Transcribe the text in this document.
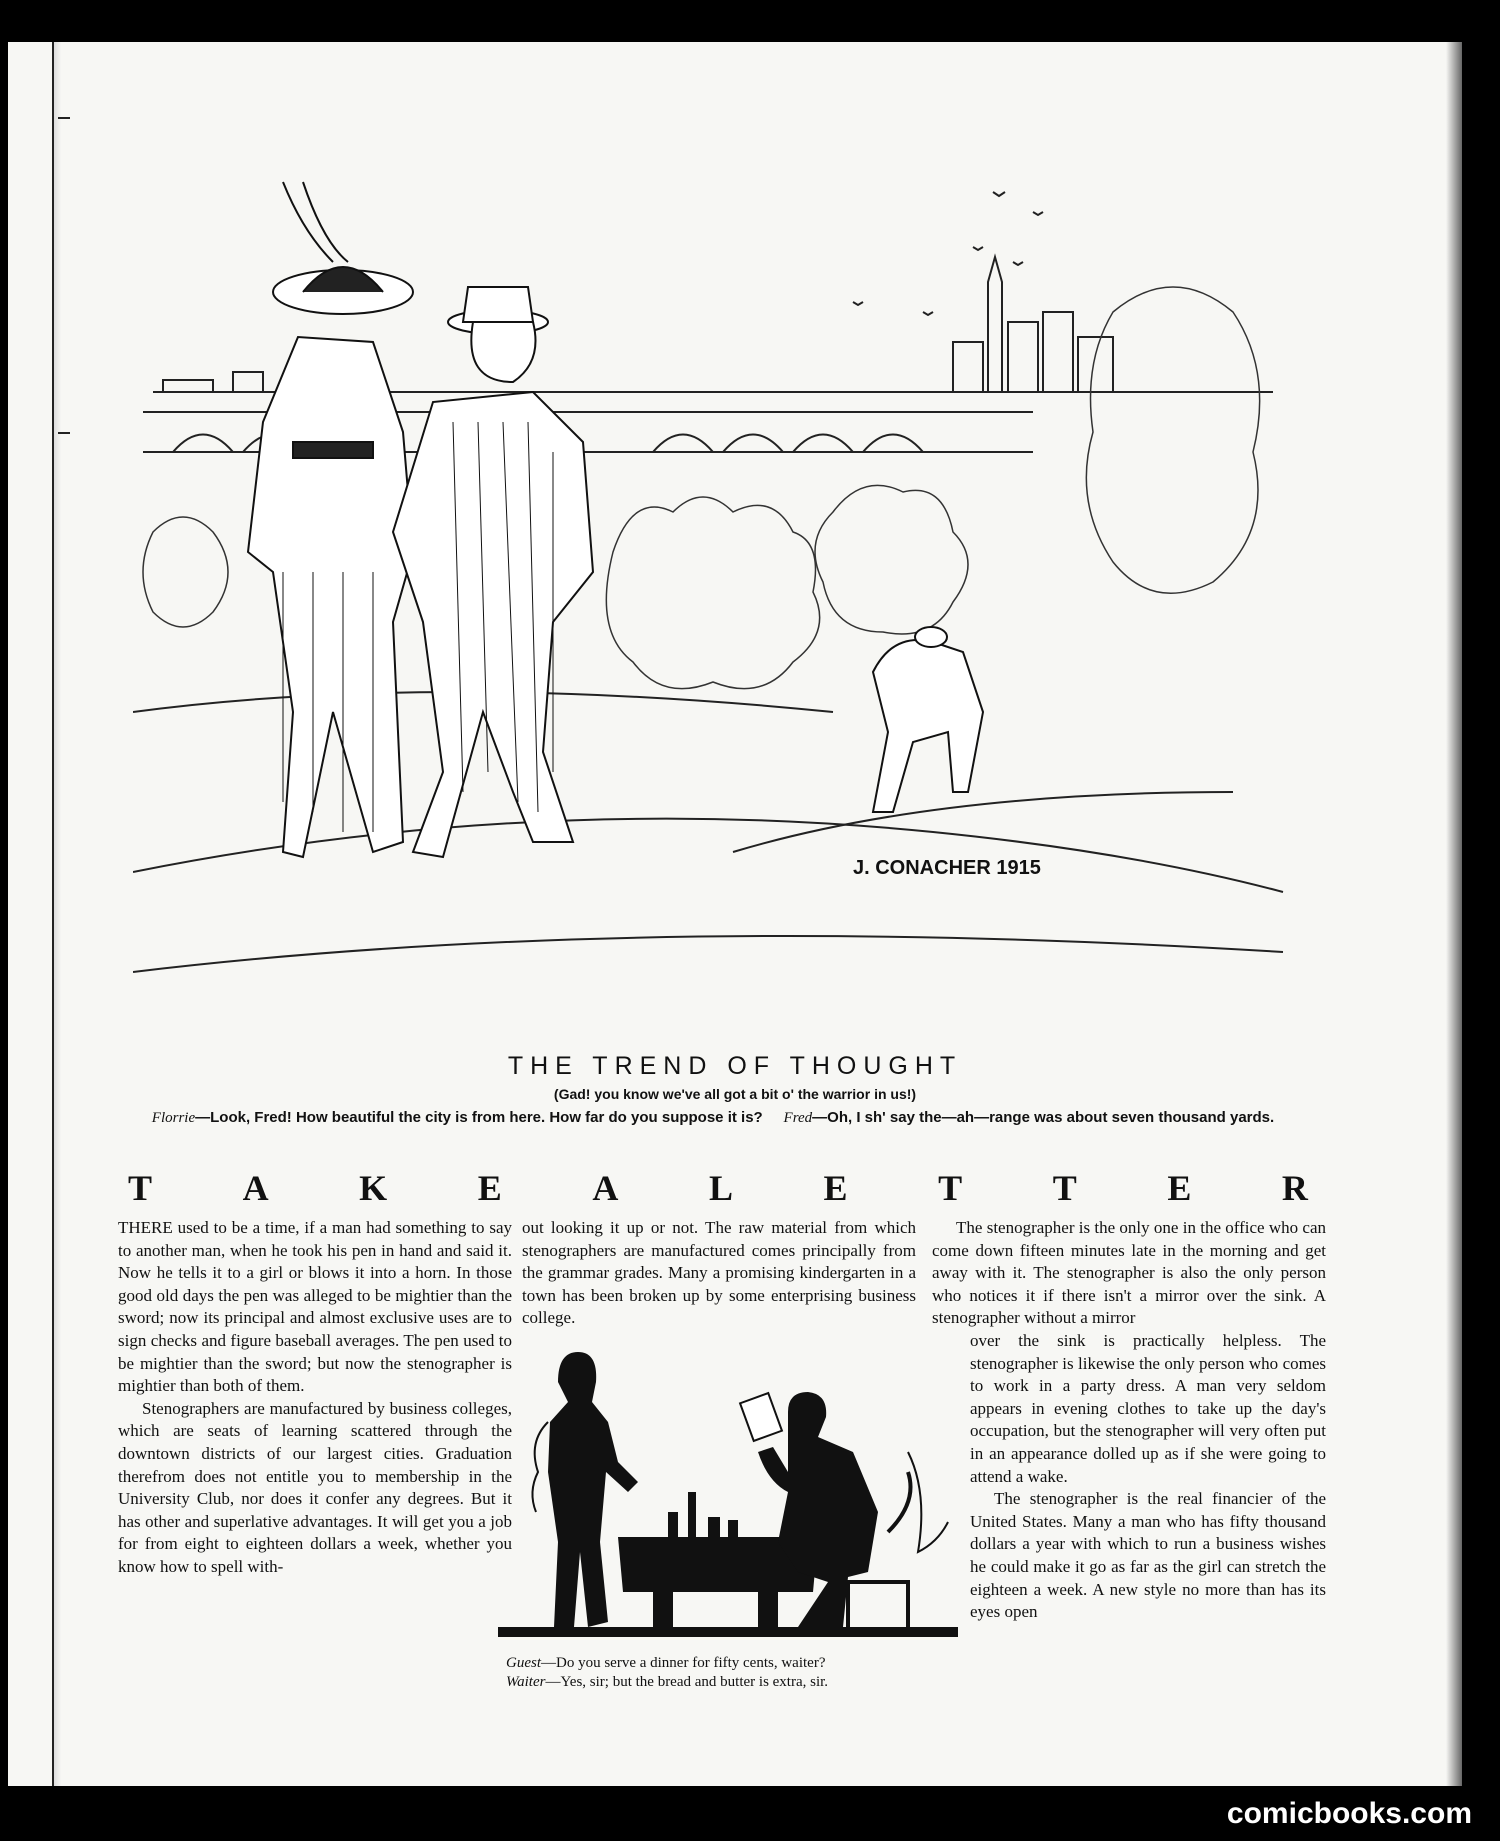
J. CONACHER 1915
THE TREND OF THOUGHT
(Gad! you know we've all got a bit o' the warrior in us!)
Florrie—Look, Fred! How beautiful the city is from here. How far do you suppose it is? Fred—Oh, I sh' say the—ah—range was about seven thousand yards.
T	A	K	E	A	L	E	T	T	E	R

THERE used to be a time, if a man had something to say to another man, when he took his pen in hand and said it. Now he tells it to a girl or blows it into a horn. In those good old days the pen was alleged to be mightier than the sword; now its principal and almost exclusive uses are to sign checks and figure baseball averages. The pen used to be mightier than the sword; but now the stenographer is mightier than both of them.

Stenographers are manufactured by business colleges, which are seats of learning scattered through the downtown districts of our largest cities. Graduation therefrom does not entitle you to membership in the University Club, nor does it confer any degrees. But it has other and superlative advantages. It will get you a job for from eight to eighteen dollars a week, whether you know how to spell with-

out looking it up or not. The raw material from which stenographers are manufactured comes principally from the grammar grades. Many a promising kindergarten in a town has been broken up by some enterprising business college.

Guest—Do you serve a dinner for fifty cents, waiter?
Waiter—Yes, sir; but the bread and butter is extra, sir.

The stenographer is the only one in the office who can come down fifteen minutes late in the morning and get away with it. The stenographer is also the only person who notices it if there isn't a mirror over the sink. A stenographer without a mirror

over the sink is practically helpless. The stenographer is likewise the only person who comes to work in a party dress. A man very seldom appears in evening clothes to take up the day's occupation, but the stenographer will very often put in an appearance dolled up as if she were going to attend a wake.

The stenographer is the real financier of the United States. Many a man who has fifty thousand dollars a year with which to run a business wishes he could make it go as far as the girl can stretch the eighteen a week. A new style no more than has its eyes open

comicbooks.com
